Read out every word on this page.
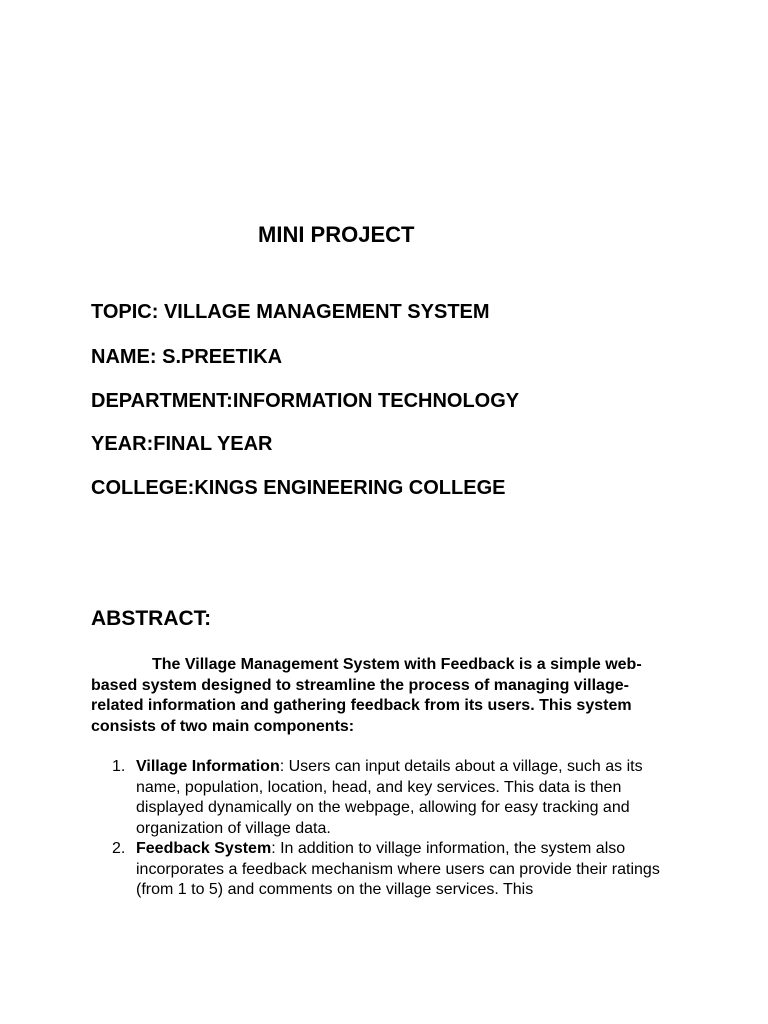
MINI PROJECT

TOPIC: VILLAGE MANAGEMENT SYSTEM

NAME: S.PREETIKA

DEPARTMENT:INFORMATION TECHNOLOGY

YEAR:FINAL YEAR

COLLEGE:KINGS ENGINEERING COLLEGE

ABSTRACT:

The Village Management System with Feedback is a simple web-based system designed to streamline the process of managing village-related information and gathering feedback from its users. This system consists of two main components:

1. Village Information: Users can input details about a village, such as its name, population, location, head, and key services. This data is then displayed dynamically on the webpage, allowing for easy tracking and organization of village data.
2. Feedback System: In addition to village information, the system also incorporates a feedback mechanism where users can provide their ratings (from 1 to 5) and comments on the village services. This
